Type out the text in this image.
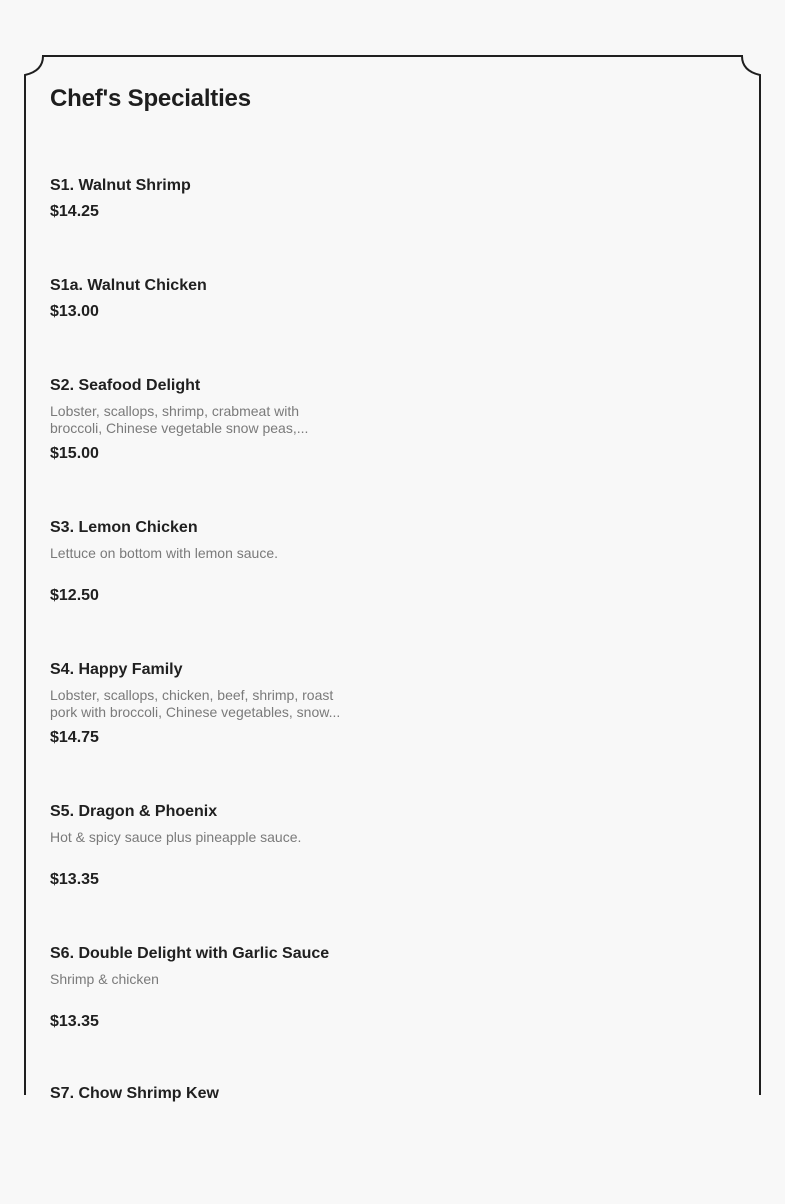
Chef's Specialties
S1. Walnut Shrimp
$14.25
S1a. Walnut Chicken
$13.00
S2. Seafood Delight
Lobster, scallops, shrimp, crabmeat with broccoli, Chinese vegetable snow peas,...
$15.00
S3. Lemon Chicken
Lettuce on bottom with lemon sauce.
$12.50
S4. Happy Family
Lobster, scallops, chicken, beef, shrimp, roast pork with broccoli, Chinese vegetables, snow...
$14.75
S5. Dragon & Phoenix
Hot & spicy sauce plus pineapple sauce.
$13.35
S6. Double Delight with Garlic Sauce
Shrimp & chicken
$13.35
S7. Chow Shrimp Kew
